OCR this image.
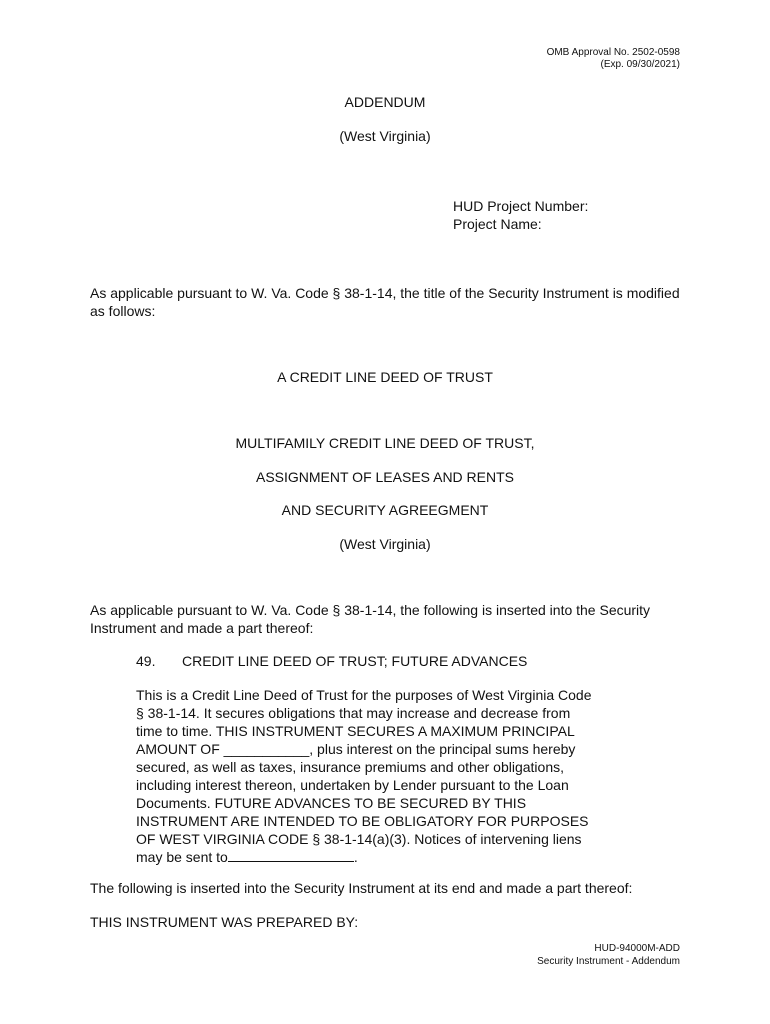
OMB Approval No. 2502-0598
(Exp. 09/30/2021)
ADDENDUM
(West Virginia)
HUD Project Number:
Project Name:
As applicable pursuant to W. Va. Code § 38-1-14, the title of the Security Instrument is modified as follows:
A CREDIT LINE DEED OF TRUST
MULTIFAMILY CREDIT LINE DEED OF TRUST,
ASSIGNMENT OF LEASES AND RENTS
AND SECURITY AGREEGMENT
(West Virginia)
As applicable pursuant to W. Va. Code § 38-1-14, the following is inserted into the Security Instrument and made a part thereof:
49. CREDIT LINE DEED OF TRUST; FUTURE ADVANCES
This is a Credit Line Deed of Trust for the purposes of West Virginia Code
§ 38-1-14. It secures obligations that may increase and decrease from
time to time. THIS INSTRUMENT SECURES A MAXIMUM PRINCIPAL
AMOUNT OF ___________, plus interest on the principal sums hereby
secured, as well as taxes, insurance premiums and other obligations,
including interest thereon, undertaken by Lender pursuant to the Loan
Documents. FUTURE ADVANCES TO BE SECURED BY THIS
INSTRUMENT ARE INTENDED TO BE OBLIGATORY FOR PURPOSES
OF WEST VIRGINIA CODE § 38-1-14(a)(3). Notices of intervening liens
may be sent to	.
The following is inserted into the Security Instrument at its end and made a part thereof:
THIS INSTRUMENT WAS PREPARED BY:
HUD-94000M-ADD
Security Instrument - Addendum
